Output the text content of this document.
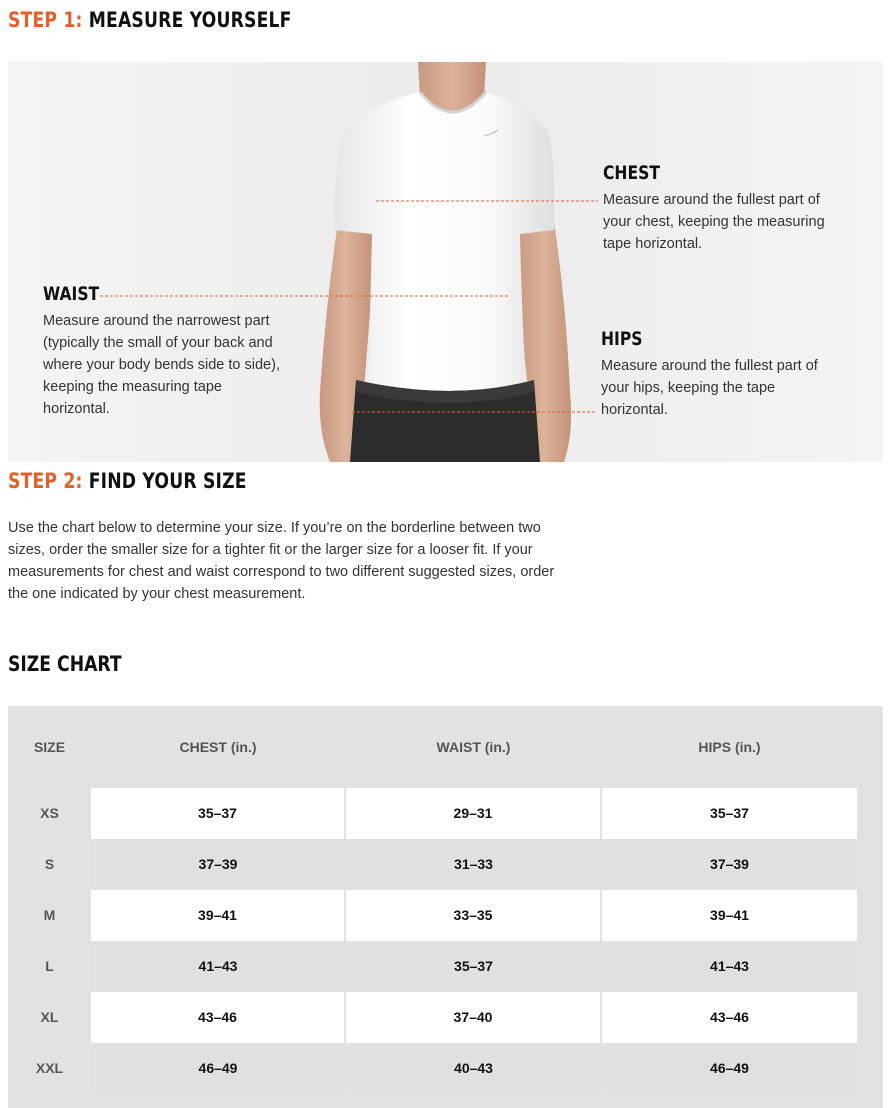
STEP 1: MEASURE YOURSELF
CHEST
Measure around the fullest part of
your chest, keeping the measuring
tape horizontal.
WAIST
Measure around the narrowest part
(typically the small of your back and
where your body bends side to side),
keeping the measuring tape
horizontal.
HIPS
Measure around the fullest part of
your hips, keeping the tape
horizontal.
STEP 2: FIND YOUR SIZE
Use the chart below to determine your size. If you’re on the borderline between two
sizes, order the smaller size for a tighter fit or the larger size for a looser fit. If your
measurements for chest and waist correspond to two different suggested sizes, order
the one indicated by your chest measurement.
SIZE CHART
SIZE	CHEST (in.)	WAIST (in.)	HIPS (in.)
XS	35–37	29–31	35–37
S	37–39	31–33	37–39
M	39–41	33–35	39–41
L	41–43	35–37	41–43
XL	43–46	37–40	43–46
XXL	46–49	40–43	46–49
